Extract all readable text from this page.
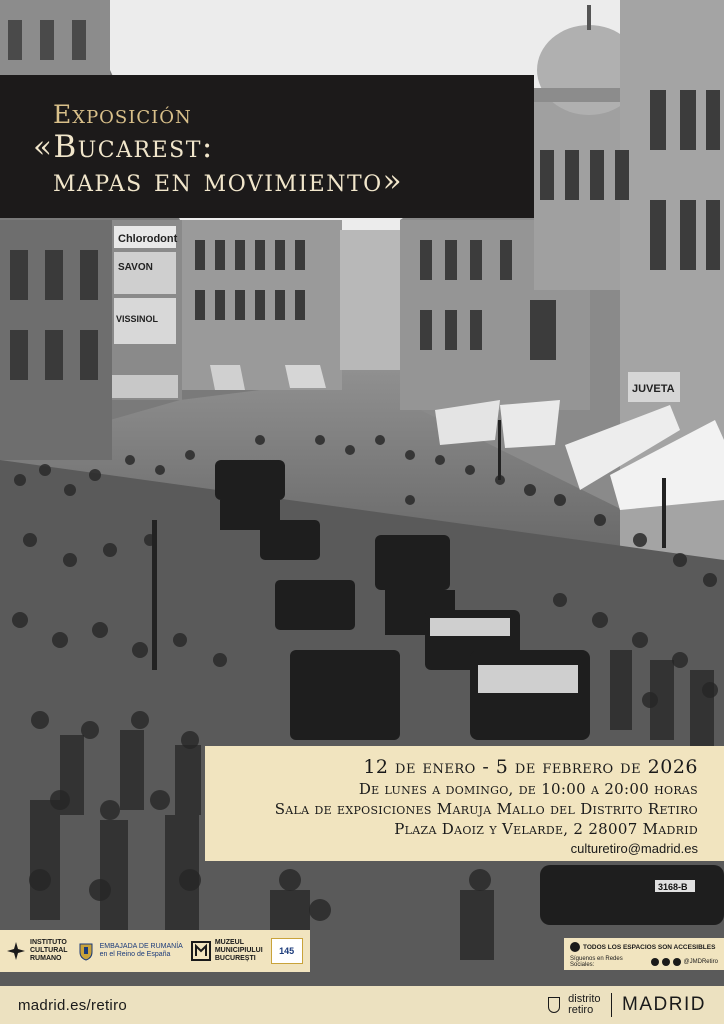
Chlorodont
SAVON
VISSINOL
JUVETA
3168-B
Exposición
«Bucarest:
mapas en movimiento»
12 de enero - 5 de febrero de 2026
De lunes a domingo, de 10:00 a 20:00 horas
Sala de exposiciones Maruja Mallo del Distrito Retiro
Plaza Daoiz y Velarde, 2 28007 Madrid
culturetiro@madrid.es
INSTITUTO
CULTURAL
RUMANO
EMBAJADA DE RUMANÍA
en el Reino de España
MUZEUL
MUNICIPIULUI
BUCUREȘTI
145	TODOS LOS ESPACIOS SON ACCESIBLES
Síguenos en Redes Sociales:	@JMDRetiro
madrid.es/retiro	distrito
retiro	MADRID
